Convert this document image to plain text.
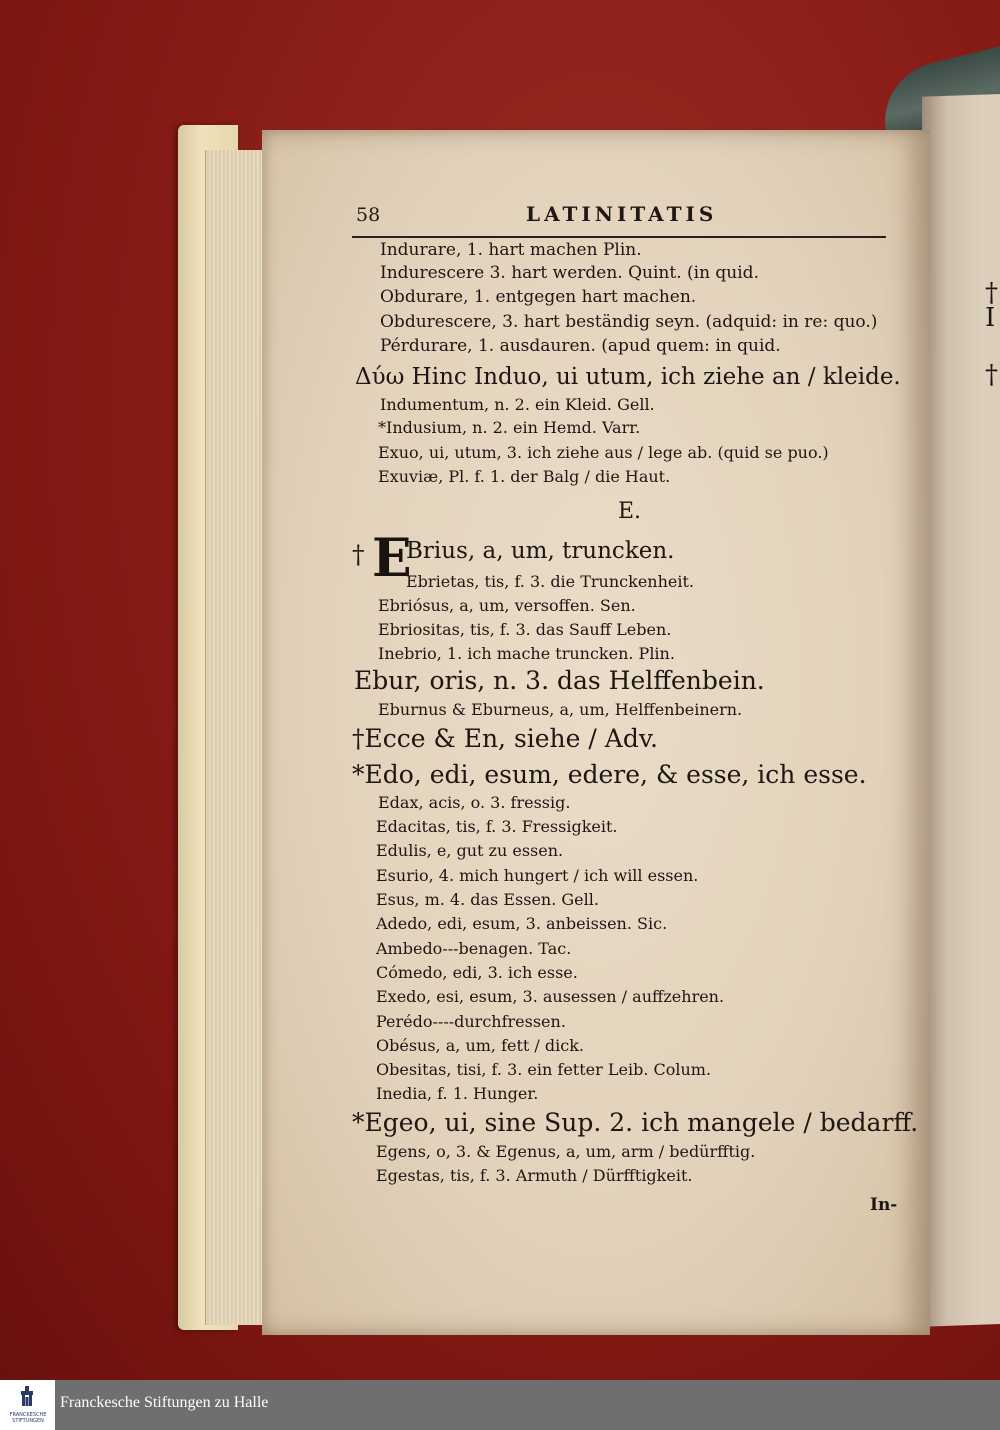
†
I
†
58	LATINITATIS
Indurare, 1. hart machen Plin.
Indurescere 3. hart werden. Quint. (in quid.
Obdurare, 1. entgegen hart machen.
Obdurescere, 3. hart beständig seyn. (adquid: in re: quo.)
Pérdurare, 1. ausdauren. (apud quem: in quid.
Δύω Hinc Induo, ui utum, ich ziehe an / kleide.
Indumentum, n. 2. ein Kleid. Gell.
*Indusium, n. 2. ein Hemd. Varr.
Exuo, ui, utum, 3. ich ziehe aus / lege ab. (quid se puo.)
Exuviæ, Pl. f. 1. der Balg / die Haut.
E.
† E
Brius, a, um, truncken.
Ebrietas, tis, f. 3. die Trunckenheit.
Ebriósus, a, um, versoffen. Sen.
Ebriositas, tis, f. 3. das Sauff Leben.
Inebrio, 1. ich mache truncken. Plin.
Ebur, oris, n. 3. das Helffenbein.
Eburnus & Eburneus, a, um, Helffenbeinern.
†Ecce & En, siehe / Adv.
*Edo, edi, esum, edere, & esse, ich esse.
Edax, acis, o. 3. fressig.
Edacitas, tis, f. 3. Fressigkeit.
Edulis, e, gut zu essen.
Esurio, 4. mich hungert / ich will essen.
Esus, m. 4. das Essen. Gell.
Adedo, edi, esum, 3. anbeissen. Sic.
Ambedo---benagen. Tac.
Cómedo, edi, 3. ich esse.
Exedo, esi, esum, 3. ausessen / auffzehren.
Perédo----durchfressen.
Obésus, a, um, fett / dick.
Obesitas, tisi, f. 3. ein fetter Leib. Colum.
Inedia, f. 1. Hunger.
*Egeo, ui, sine Sup. 2. ich mangele / bedarff.
Egens, o, 3. & Egenus, a, um, arm / bedürfftig.
Egestas, tis, f. 3. Armuth / Dürfftigkeit.
In-
FRANCKESCHE STIFTUNGEN
Franckesche Stiftungen zu Halle
